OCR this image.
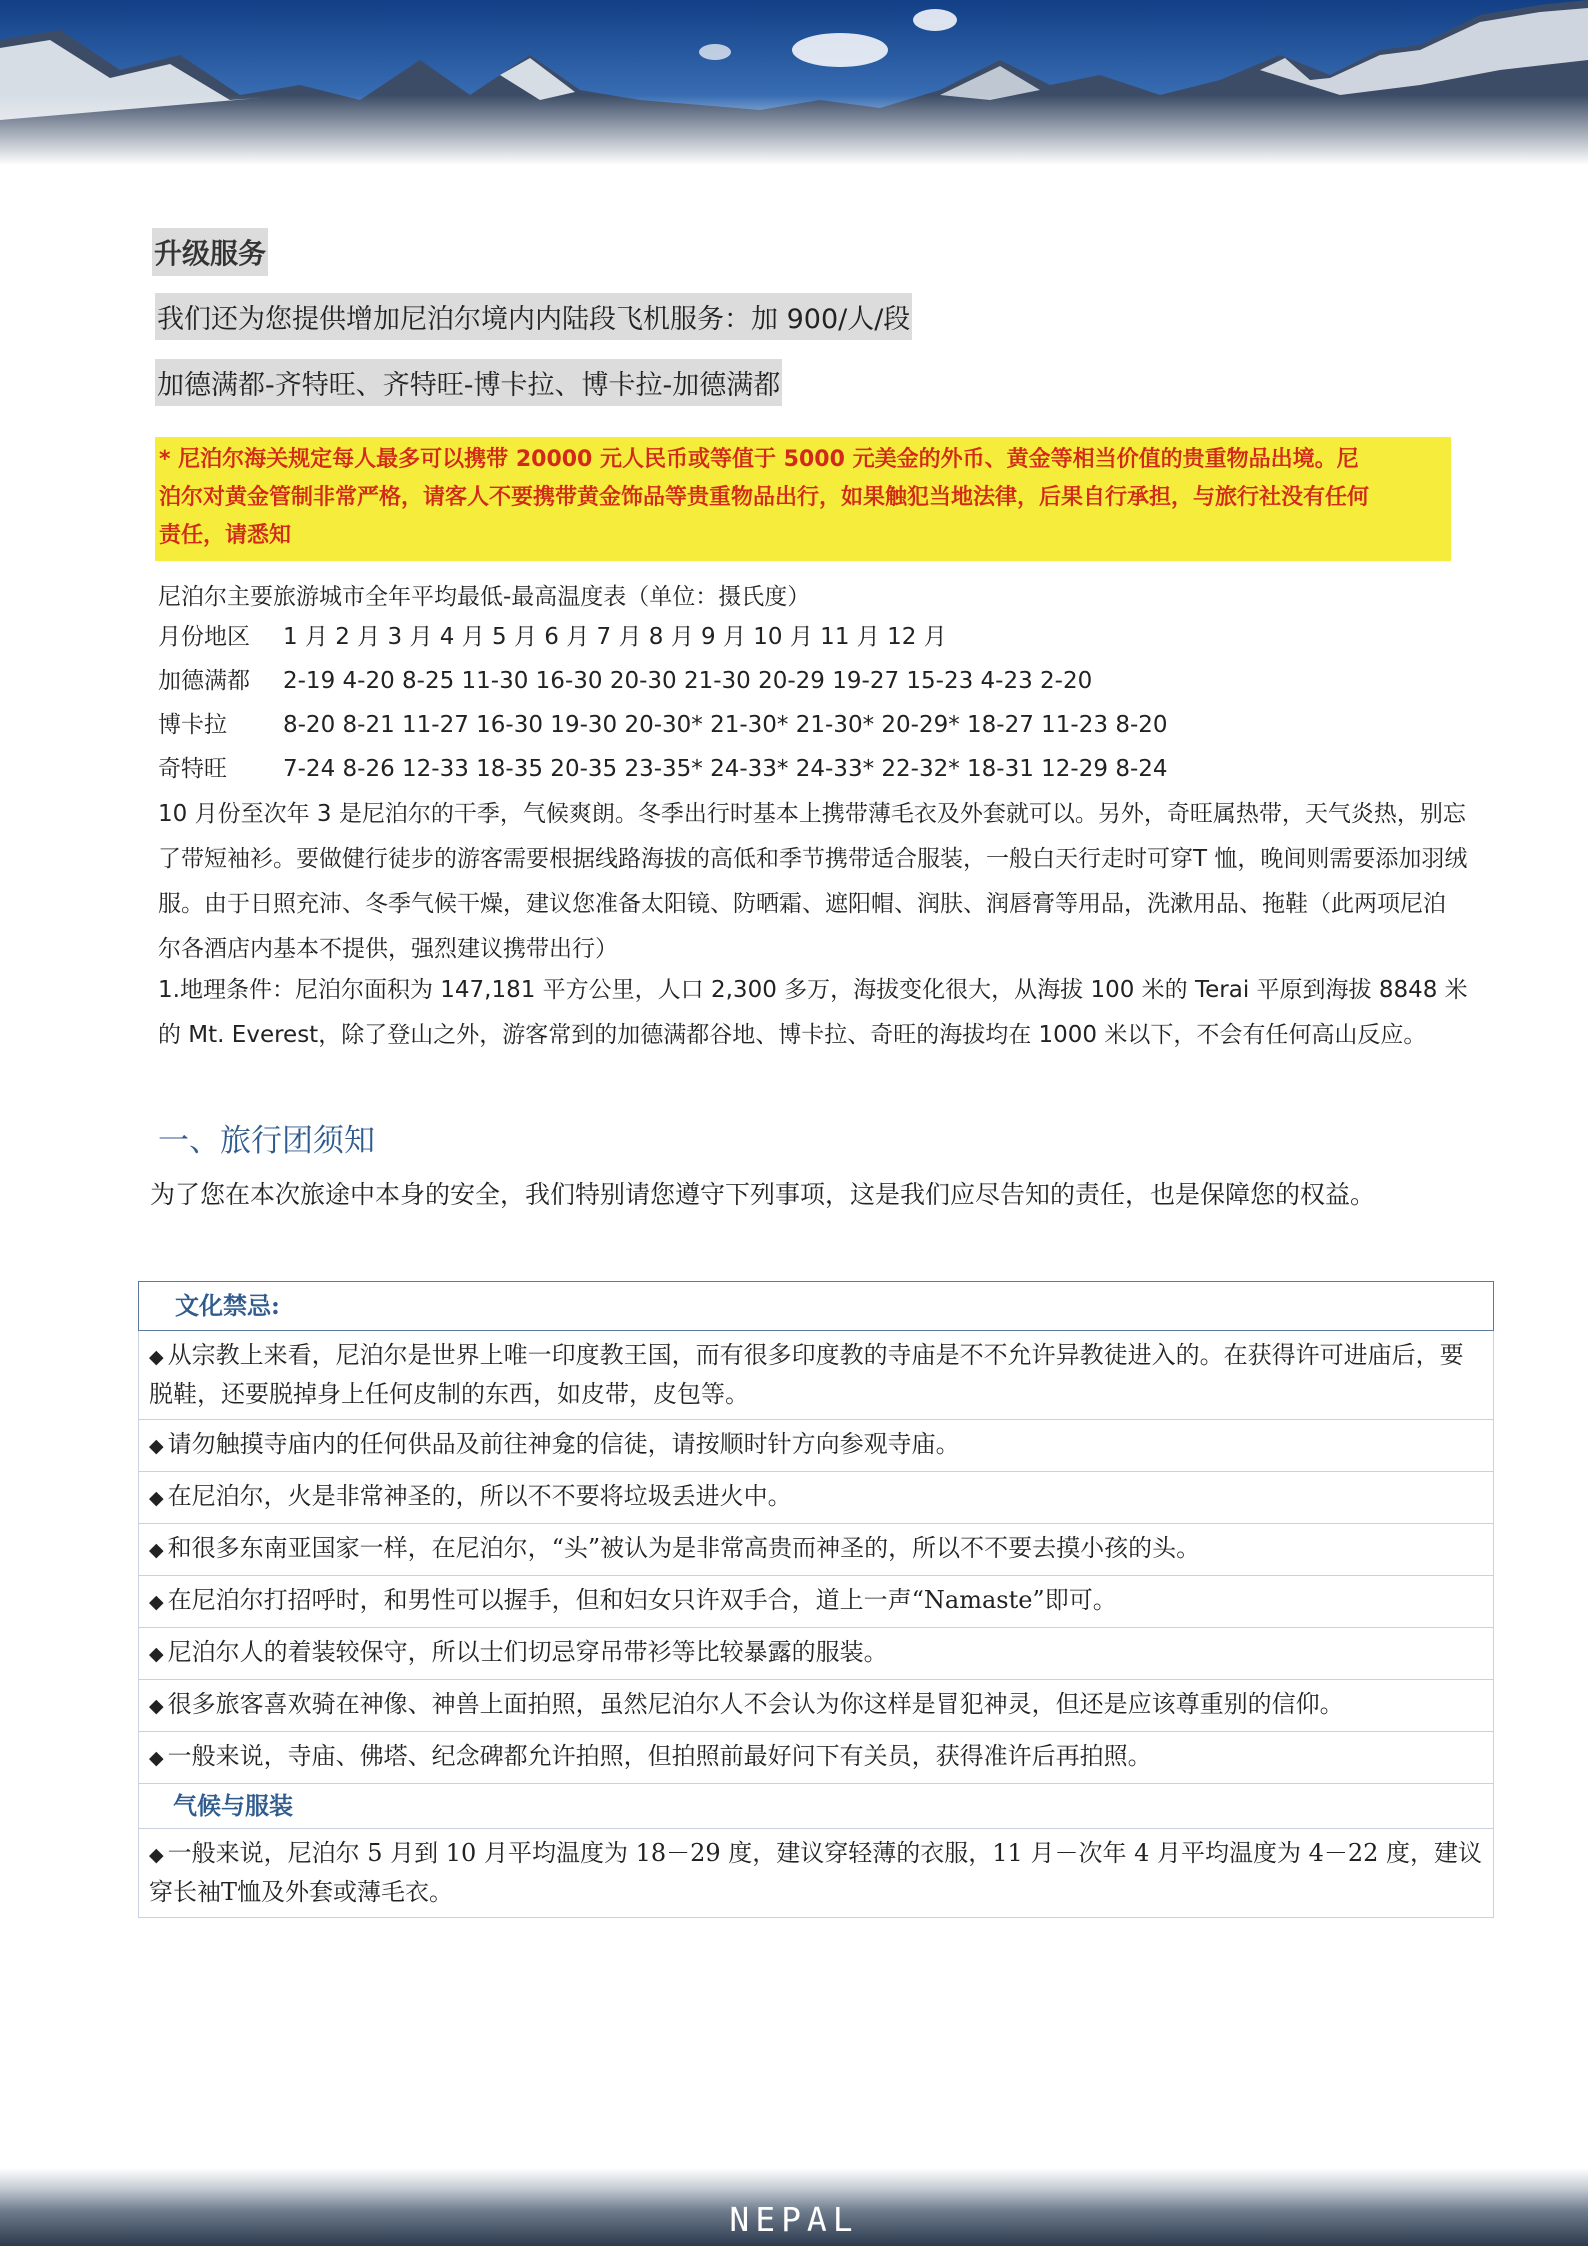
升级服务
我们还为您提供增加尼泊尔境内内陆段飞机服务：加 900/人/段
加德满都-齐特旺、齐特旺-博卡拉、博卡拉-加德满都
* 尼泊尔海关规定每人最多可以携带 20000 元人民币或等值于 5000 元美金的外币、黄金等相当价值的贵重物品出境。尼
泊尔对黄金管制非常严格，请客人不要携带黄金饰品等贵重物品出行，如果触犯当地法律，后果自行承担，与旅行社没有任何
责任，请悉知
尼泊尔主要旅游城市全年平均最低-最高温度表（单位：摄氏度）
月份地区 1 月 2 月 3 月 4 月 5 月 6 月 7 月 8 月 9 月 10 月 11 月 12 月
加德满都 2-19 4-20 8-25 11-30 16-30 20-30 21-30 20-29 19-27 15-23 4-23 2-20
博卡拉 8-20 8-21 11-27 16-30 19-30 20-30* 21-30* 21-30* 20-29* 18-27 11-23 8-20
奇特旺 7-24 8-26 12-33 18-35 20-35 23-35* 24-33* 24-33* 22-32* 18-31 12-29 8-24
10 月份至次年 3 是尼泊尔的干季，气候爽朗。冬季出行时基本上携带薄毛衣及外套就可以。另外，奇旺属热带，天气炎热，别忘了带短袖衫。要做健行徒步的游客需要根据线路海拔的高低和季节携带适合服装，一般白天行走时可穿T 恤，晚间则需要添加羽绒服。由于日照充沛、冬季气候干燥，建议您准备太阳镜、防晒霜、遮阳帽、润肤、润唇膏等用品，洗漱用品、拖鞋（此两项尼泊尔各酒店内基本不提供，强烈建议携带出行）
1.地理条件：尼泊尔面积为 147,181 平方公里，人口 2,300 多万，海拔变化很大，从海拔 100 米的 Terai 平原到海拔 8848 米的 Mt. Everest，除了登山之外，游客常到的加德满都谷地、博卡拉、奇旺的海拔均在 1000 米以下，不会有任何高山反应。
一、旅行团须知
为了您在本次旅途中本身的安全，我们特别请您遵守下列事项，这是我们应尽告知的责任，也是保障您的权益。
文化禁忌:
◆ 从宗教上来看，尼泊尔是世界上唯一印度教王国，而有很多印度教的寺庙是不不允许异教徒进入的。在获得许可进庙后，要脱鞋，还要脱掉身上任何皮制的东西，如皮带，皮包等。
◆ 请勿触摸寺庙内的任何供品及前往神龛的信徒，请按顺时针方向参观寺庙。
◆ 在尼泊尔，火是非常神圣的，所以不不要将垃圾丢进火中。
◆ 和很多东南亚国家一样，在尼泊尔，“头”被认为是非常高贵而神圣的，所以不不要去摸小孩的头。
◆ 在尼泊尔打招呼时，和男性可以握手，但和妇女只许双手合，道上一声“Namaste”即可。
◆ 尼泊尔人的着装较保守，所以士们切忌穿吊带衫等比较暴露的服装。
◆ 很多旅客喜欢骑在神像、神兽上面拍照，虽然尼泊尔人不会认为你这样是冒犯神灵，但还是应该尊重别的信仰。
◆ 一般来说，寺庙、佛塔、纪念碑都允许拍照，但拍照前最好问下有关员，获得准许后再拍照。
气候与服装
◆ 一般来说，尼泊尔 5 月到 10 月平均温度为 18－29 度，建议穿轻薄的衣服，11 月－次年 4 月平均温度为 4－22 度，建议穿长袖T恤及外套或薄毛衣。
NEPAL
